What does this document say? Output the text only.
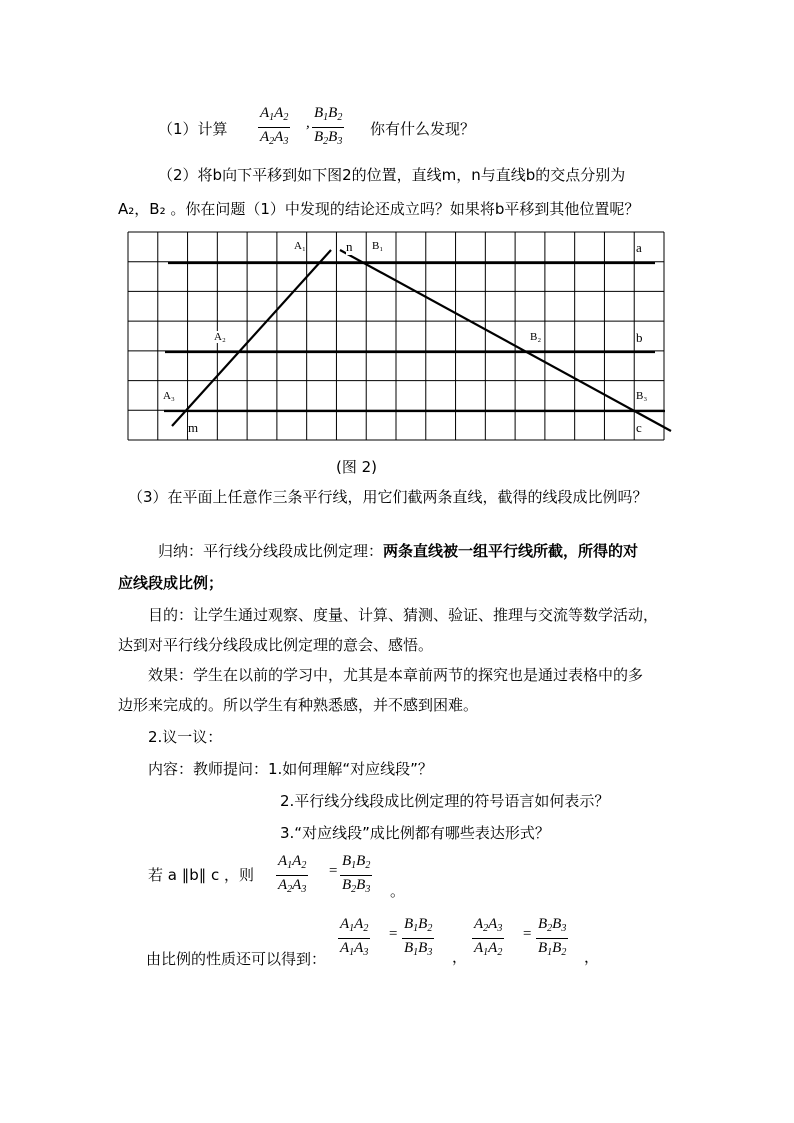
（1）计算
$A_1A_2$
$A_2A_3$
,
$B_1B_2$
$B_2B_3$
你有什么发现？
（2）将b向下平移到如下图2的位置，直线m，n与直线b的交点分别为
A₂，B₂ 。你在问题（1）中发现的结论还成立吗？如果将b平移到其他位置呢？
A₁	n B₁	a
A₂	B₂	b
A₃	B₃
m	c
(图 2)
（3）在平面上任意作三条平行线，用它们截两条直线，截得的线段成比例吗？
归纳：平行线分线段成比例定理：两条直线被一组平行线所截，所得的对
应线段成比例；
目的：让学生通过观察、度量、计算、猜测、验证、推理与交流等数学活动，
达到对平行线分线段成比例定理的意会、感悟。
效果：学生在以前的学习中，尤其是本章前两节的探究也是通过表格中的多
边形来完成的。所以学生有种熟悉感，并不感到困难。
2.议一议：
内容：教师提问：1.如何理解“对应线段”？
2.平行线分线段成比例定理的符号语言如何表示？
3.“对应线段”成比例都有哪些表达形式？
若 a ∥b∥ c ，则
$A_1A_2$
$A_2A_3$
=
$B_1B_2$
$B_2B_3$ 。
由比例的性质还可以得到：
$A_1A_2$
$A_1A_3$
=
$B_1B_2$
$B_1B_3$ ，
$A_2A_3$
$A_1A_2$
=
$B_2B_3$
$B_1B_2$ ，
